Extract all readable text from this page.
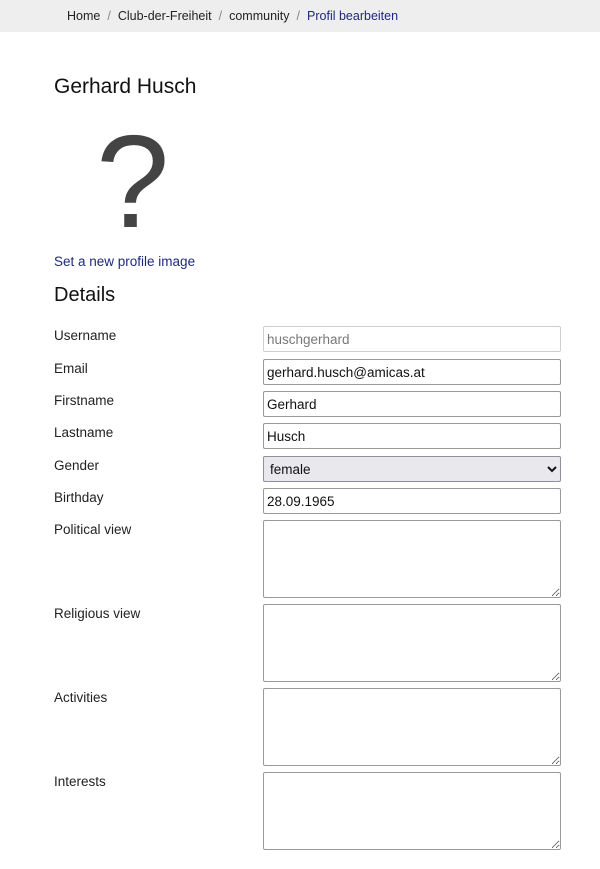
Home / Club-der-Freiheit / community / Profil bearbeiten
Gerhard Husch
?
Set a new profile image
Details
Username
huschgerhard
Email
gerhard.husch@amicas.at
Firstname
Gerhard
Lastname
Husch
Gender
female
Birthday
28.09.1965
Political view
Religious view
Activities
Interests
